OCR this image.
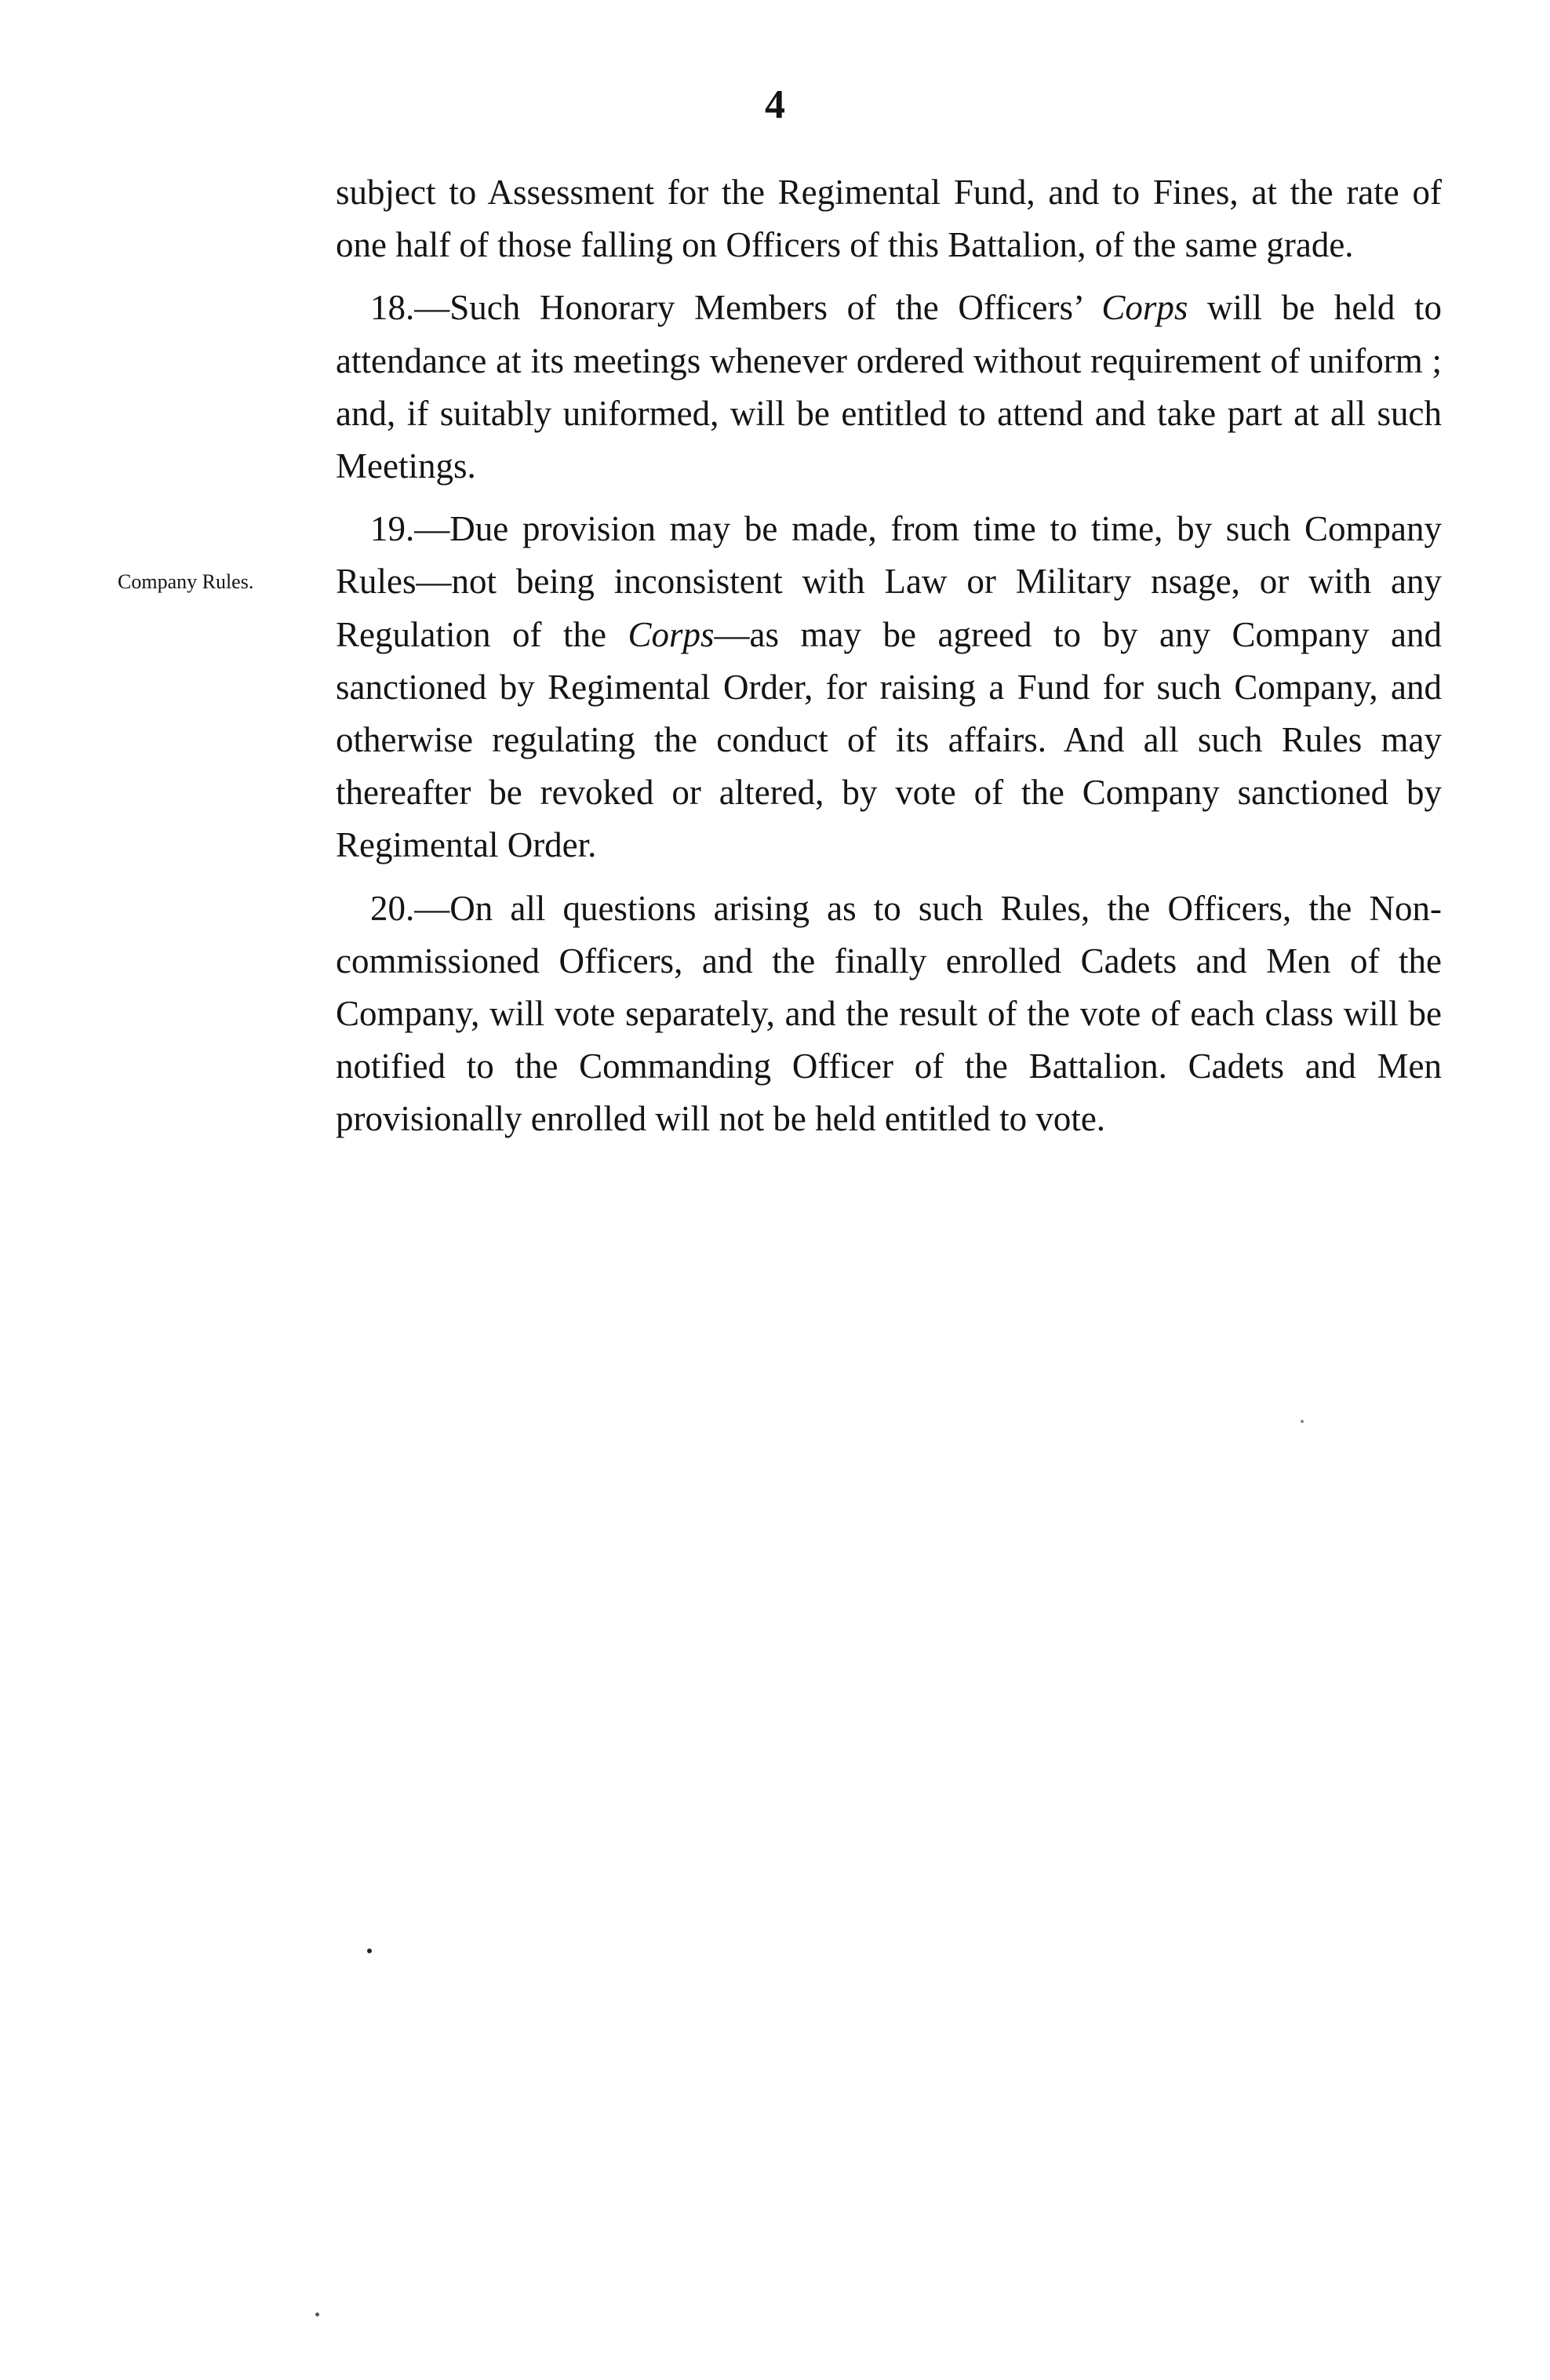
4

subject to Assessment for the Regimental Fund, and to Fines, at the rate of one half of those falling on Officers of this Battalion, of the same grade.

18.—Such Honorary Members of the Officers’ Corps will be held to attendance at its meetings whenever ordered without requirement of uniform ; and, if suitably uniformed, will be entitled to attend and take part at all such Meetings.

Company Rules.
19.—Due provision may be made, from time to time, by such Company Rules—not being inconsistent with Law or Military nsage, or with any Regulation of the Corps—as may be agreed to by any Company and sanctioned by Regimental Order, for raising a Fund for such Company, and otherwise regulating the conduct of its affairs. And all such Rules may thereafter be revoked or altered, by vote of the Company sanctioned by Regimental Order.

20.—On all questions arising as to such Rules, the Officers, the Non-commissioned Officers, and the finally enrolled Cadets and Men of the Company, will vote separately, and the result of the vote of each class will be notified to the Commanding Officer of the Battalion. Cadets and Men provisionally enrolled will not be held entitled to vote.
